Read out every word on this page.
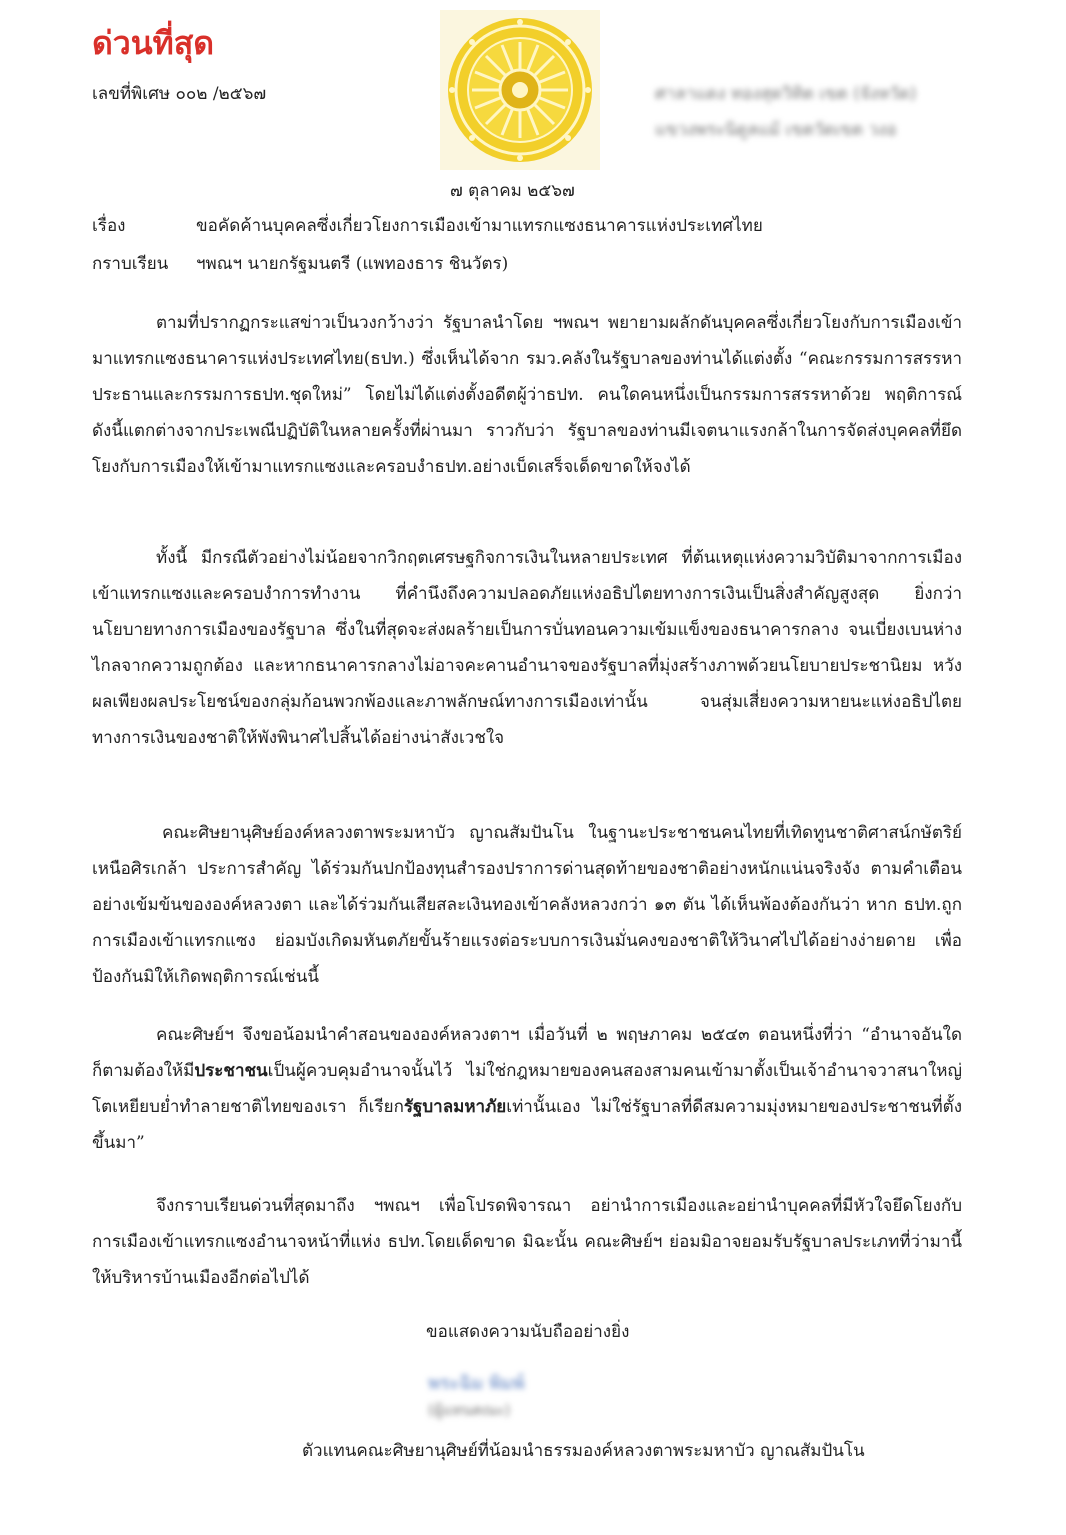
ด่วนที่สุด
เลขที่พิเศษ ๐๐๒ /๒๕๖๗	ศาลาแดง ทองสุดวิทิต เขต (จังหวัด)
แขวงพระนิดูลแม้ เขตวัดเขต วงอ
๗ ตุลาคม ๒๕๖๗
เรื่อง	ขอคัดค้านบุคคลซึ่งเกี่ยวโยงการเมืองเข้ามาแทรกแซงธนาคารแห่งประเทศไทย
กราบเรียน	ฯพณฯ นายกรัฐมนตรี (แพทองธาร ชินวัตร)

ตามที่ปรากฏกระแสข่าวเป็นวงกว้างว่า รัฐบาลนำโดย ฯพณฯ พยายามผลักดันบุคคลซึ่งเกี่ยวโยงกับการเมืองเข้ามาแทรกแซงธนาคารแห่งประเทศไทย(ธปท.) ซึ่งเห็นได้จาก รมว.คลังในรัฐบาลของท่านได้แต่งตั้ง “คณะกรรมการสรรหาประธานและกรรมการธปท.ชุดใหม่” โดยไม่ได้แต่งตั้งอดีตผู้ว่าธปท. คนใดคนหนึ่งเป็นกรรมการสรรหาด้วย พฤติการณ์ดังนี้แตกต่างจากประเพณีปฏิบัติในหลายครั้งที่ผ่านมา ราวกับว่า รัฐบาลของท่านมีเจตนาแรงกล้าในการจัดส่งบุคคลที่ยึดโยงกับการเมืองให้เข้ามาแทรกแซงและครอบงำธปท.อย่างเบ็ดเสร็จเด็ดขาดให้จงได้

ทั้งนี้ มีกรณีตัวอย่างไม่น้อยจากวิกฤตเศรษฐกิจการเงินในหลายประเทศ ที่ต้นเหตุแห่งความวิบัติมาจากการเมืองเข้าแทรกแซงและครอบงำการทำงาน ที่คำนึงถึงความปลอดภัยแห่งอธิปไตยทางการเงินเป็นสิ่งสำคัญสูงสุด ยิ่งกว่านโยบายทางการเมืองของรัฐบาล ซึ่งในที่สุดจะส่งผลร้ายเป็นการบั่นทอนความเข้มแข็งของธนาคารกลาง จนเบี่ยงเบนห่างไกลจากความถูกต้อง และหากธนาคารกลางไม่อาจคะคานอำนาจของรัฐบาลที่มุ่งสร้างภาพด้วยนโยบายประชานิยม หวังผลเพียงผลประโยชน์ของกลุ่มก้อนพวกพ้องและภาพลักษณ์ทางการเมืองเท่านั้น จนสุ่มเสี่ยงความหายนะแห่งอธิปไตยทางการเงินของชาติให้พังพินาศไปสิ้นได้อย่างน่าสังเวชใจ

คณะศิษยานุศิษย์องค์หลวงตาพระมหาบัว ญาณสัมปันโน ในฐานะประชาชนคนไทยที่เทิดทูนชาติศาสน์กษัตริย์เหนือศิรเกล้า ประการสำคัญ ได้ร่วมกันปกป้องทุนสำรองปราการด่านสุดท้ายของชาติอย่างหนักแน่นจริงจัง ตามคำเตือนอย่างเข้มข้นขององค์หลวงตา และได้ร่วมกันเสียสละเงินทองเข้าคลังหลวงกว่า ๑๓ ตัน ได้เห็นพ้องต้องกันว่า หาก ธปท.ถูกการเมืองเข้าแทรกแซง ย่อมบังเกิดมหันตภัยขั้นร้ายแรงต่อระบบการเงินมั่นคงของชาติให้วินาศไปได้อย่างง่ายดาย เพื่อป้องกันมิให้เกิดพฤติการณ์เช่นนี้

คณะศิษย์ฯ จึงขอน้อมนำคำสอนขององค์หลวงตาฯ เมื่อวันที่ ๒ พฤษภาคม ๒๕๔๓ ตอนหนึ่งที่ว่า “อำนาจอันใดก็ตามต้องให้มีประชาชนเป็นผู้ควบคุมอำนาจนั้นไว้ ไม่ใช่กฎหมายของคนสองสามคนเข้ามาตั้งเป็นเจ้าอำนาจวาสนาใหญ่โตเหยียบย่ำทำลายชาติไทยของเรา ก็เรียกรัฐบาลมหาภัยเท่านั้นเอง ไม่ใช่รัฐบาลที่ดีสมความมุ่งหมายของประชาชนที่ตั้งขึ้นมา”

จึงกราบเรียนด่วนที่สุดมาถึง ฯพณฯ เพื่อโปรดพิจารณา อย่านำการเมืองและอย่านำบุคคลที่มีหัวใจยึดโยงกับการเมืองเข้าแทรกแซงอำนาจหน้าที่แห่ง ธปท.โดยเด็ดขาด มิฉะนั้น คณะศิษย์ฯ ย่อมมิอาจยอมรับรัฐบาลประเภทที่ว่ามานี้ให้บริหารบ้านเมืองอีกต่อไปได้

ขอแสดงความนับถืออย่างยิ่ง
พระฉิม พิมพ์
(ผู้แทนคณะ)
ตัวแทนคณะศิษยานุศิษย์ที่น้อมนำธรรมองค์หลวงตาพระมหาบัว ญาณสัมปันโน
